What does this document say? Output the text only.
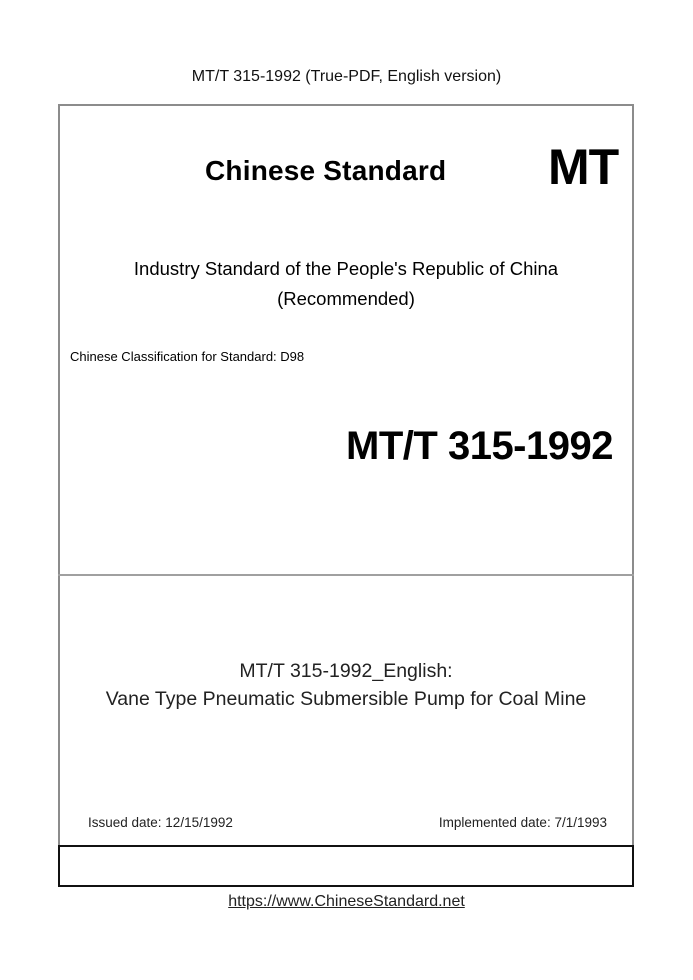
MT/T 315-1992 (True-PDF, English version)
Chinese Standard MT
Industry Standard of the People's Republic of China
(Recommended)
Chinese Classification for Standard: D98
MT/T 315-1992
MT/T 315-1992_English:
Vane Type Pneumatic Submersible Pump for Coal Mine
Issued date: 12/15/1992	Implemented date: 7/1/1993
https://www.ChineseStandard.net
